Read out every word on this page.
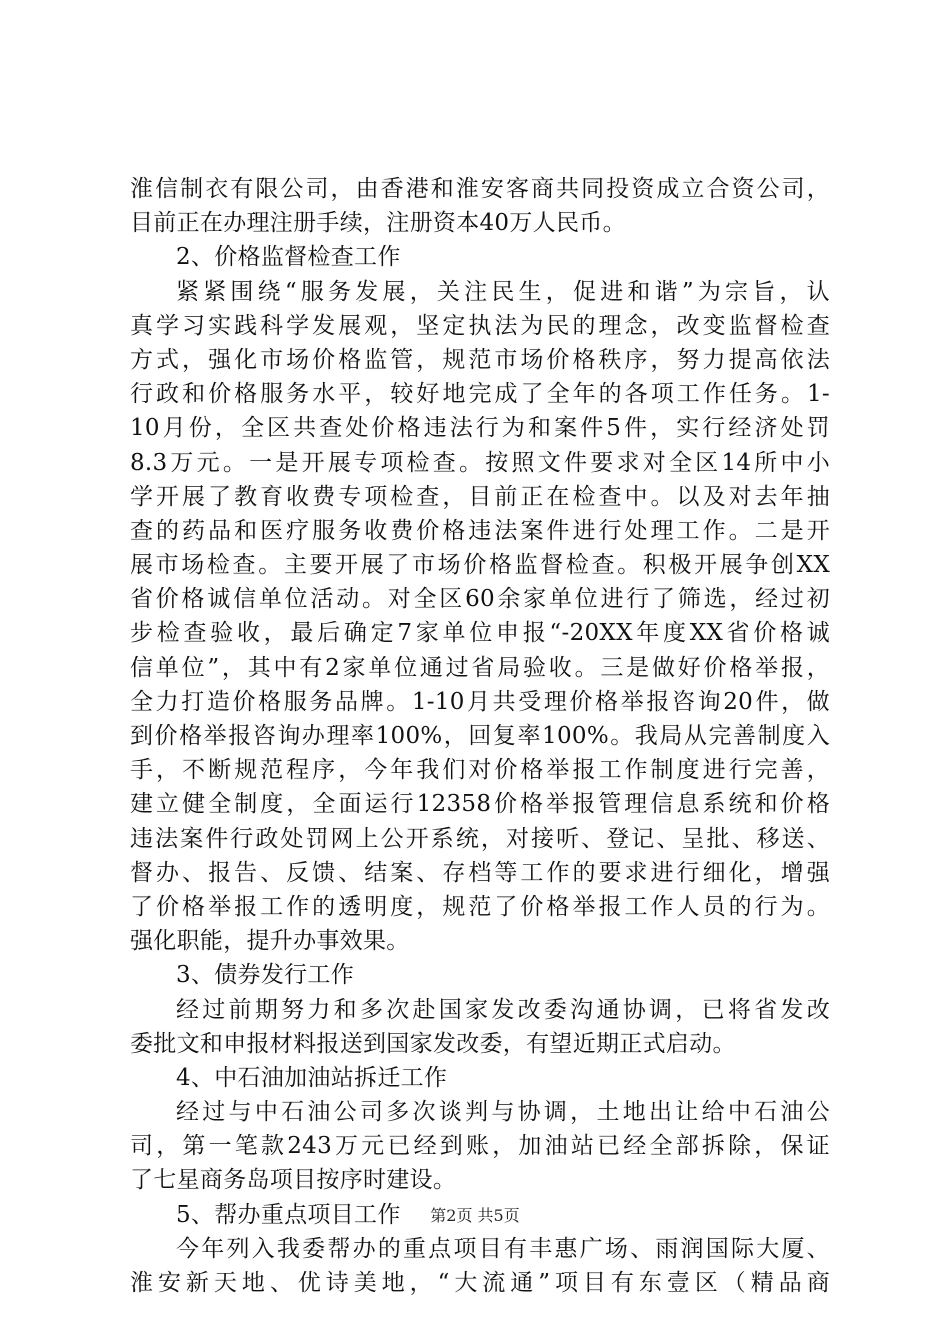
淮信制衣有限公司，由香港和淮安客商共同投资成立合资公司，
目前正在办理注册手续，注册资本40万人民币。
2、价格监督检查工作
紧紧围绕“服务发展，关注民生，促进和谐”为宗旨，认
真学习实践科学发展观，坚定执法为民的理念，改变监督检查
方式，强化市场价格监管，规范市场价格秩序，努力提高依法
行政和价格服务水平，较好地完成了全年的各项工作任务。1-
10月份，全区共查处价格违法行为和案件5件，实行经济处罚
8.3万元。一是开展专项检查。按照文件要求对全区14所中小
学开展了教育收费专项检查，目前正在检查中。以及对去年抽
查的药品和医疗服务收费价格违法案件进行处理工作。二是开
展市场检查。主要开展了市场价格监督检查。积极开展争创XX
省价格诚信单位活动。对全区60余家单位进行了筛选，经过初
步检查验收，最后确定7家单位申报“-20XX年度XX省价格诚
信单位”，其中有2家单位通过省局验收。三是做好价格举报，
全力打造价格服务品牌。1-10月共受理价格举报咨询20件，做
到价格举报咨询办理率100%，回复率100%。我局从完善制度入
手，不断规范程序，今年我们对价格举报工作制度进行完善，
建立健全制度，全面运行12358价格举报管理信息系统和价格
违法案件行政处罚网上公开系统，对接听、登记、呈批、移送、
督办、报告、反馈、结案、存档等工作的要求进行细化，增强
了价格举报工作的透明度，规范了价格举报工作人员的行为。
强化职能，提升办事效果。
3、债券发行工作
经过前期努力和多次赴国家发改委沟通协调，已将省发改
委批文和申报材料报送到国家发改委，有望近期正式启动。
4、中石油加油站拆迁工作
经过与中石油公司多次谈判与协调，土地出让给中石油公
司，第一笔款243万元已经到账，加油站已经全部拆除，保证
了七星商务岛项目按序时建设。
5、帮办重点项目工作
今年列入我委帮办的重点项目有丰惠广场、雨润国际大厦、
淮安新天地、优诗美地，“大流通”项目有东壹区（精品商
第2页 共5页
